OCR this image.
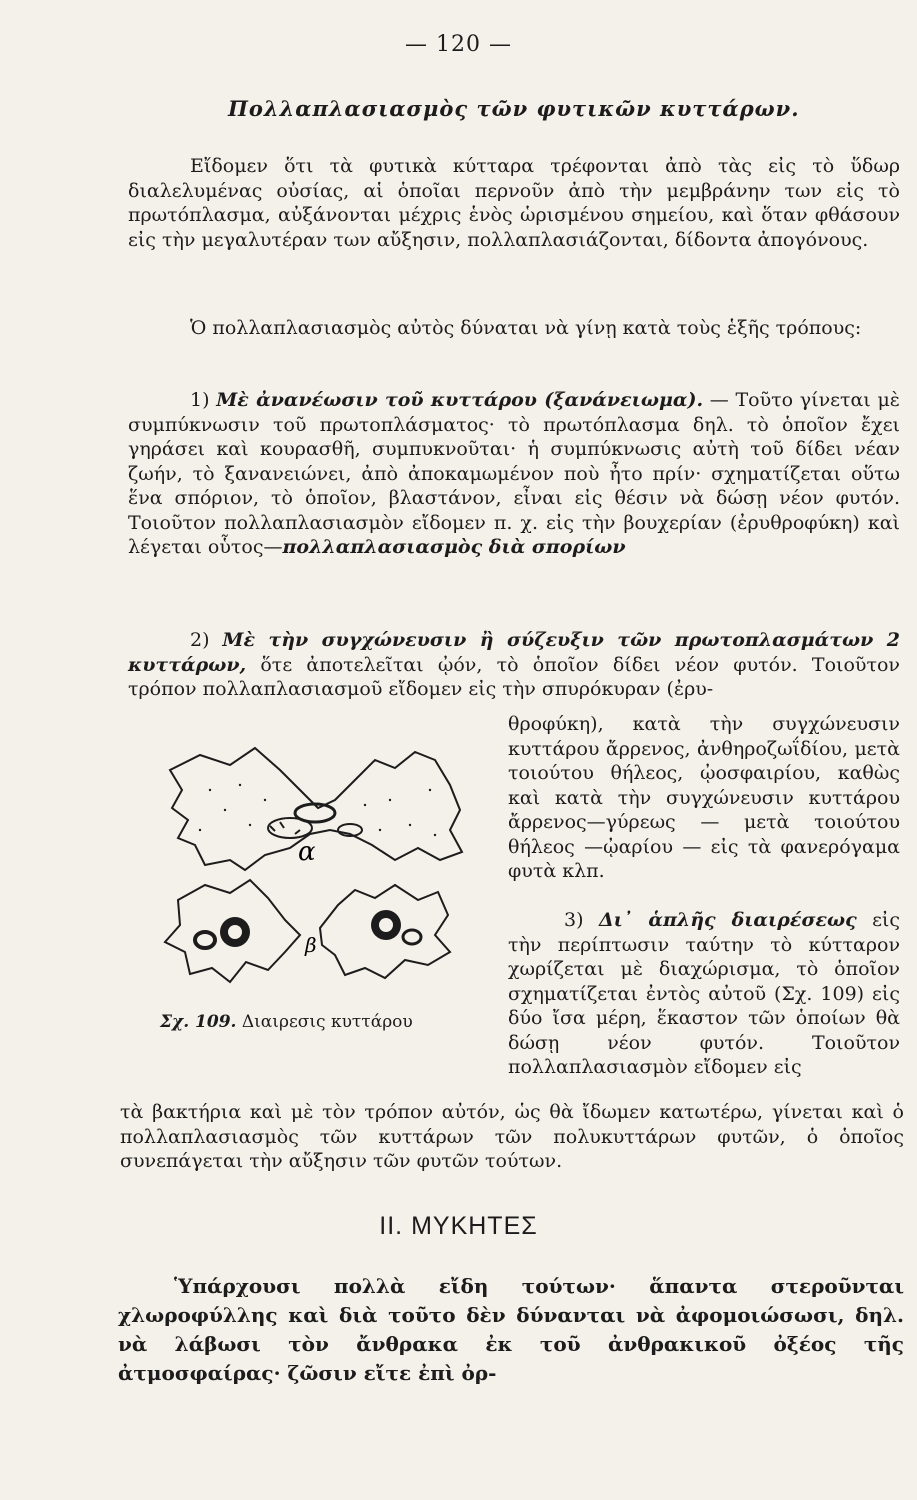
— 120 —
Πολλαπλασιασμὸς τῶν φυτικῶν κυττάρων.

Εἴδομεν ὅτι τὰ φυτικὰ κύτταρα τρέφονται ἀπὸ τὰς εἰς τὸ ὕδωρ διαλελυμένας οὐσίας, αἱ ὁποῖαι περνοῦν ἀπὸ τὴν μεμβράνην των εἰς τὸ πρωτόπλασμα, αὐξάνονται μέχρις ἑνὸς ὡρισμένου σημείου, καὶ ὅταν φθάσουν εἰς τὴν μεγαλυτέραν των αὔξησιν, πολλαπλασιάζονται, δίδοντα ἀπογόνους.

Ὁ πολλαπλασιασμὸς αὐτὸς δύναται νὰ γίνῃ κατὰ τοὺς ἑξῆς τρόπους:

1) Μὲ ἀνανέωσιν τοῦ κυττάρου (ξανάνειωμα). — Τοῦτο γίνεται μὲ συμπύκνωσιν τοῦ πρωτοπλάσματος· τὸ πρωτόπλασμα δηλ. τὸ ὁποῖον ἔχει γηράσει καὶ κουρασθῆ, συμπυκνοῦται· ἡ συμπύκνωσις αὐτὴ τοῦ δίδει νέαν ζωήν, τὸ ξανανειώνει, ἀπὸ ἀποκαμωμένον ποὺ ἦτο πρίν· σχηματίζεται οὕτω ἕνα σπόριον, τὸ ὁποῖον, βλαστάνον, εἶναι εἰς θέσιν νὰ δώσῃ νέον φυτόν. Τοιοῦτον πολλαπλασιασμὸν εἴδομεν π. χ. εἰς τὴν βουχερίαν (ἐρυθροφύκη) καὶ λέγεται οὗτος—πολλαπλασιασμὸς διὰ σπορίων

2) Μὲ τὴν συγχώνευσιν ἢ σύζευξιν τῶν πρωτοπλασμάτων 2 κυττάρων, ὅτε ἀποτελεῖται ᾠόν, τὸ ὁποῖον δίδει νέον φυτόν. Τοιοῦτον τρόπον πολλαπλασιασμοῦ εἴδομεν εἰς τὴν σπυρόκυραν (ἐρυ-

θροφύκη), κατὰ τὴν συγχώνευσιν κυττάρου ἄρρενος, ἀνθηροζωΐδίου, μετὰ τοιούτου θήλεος, ᾠοσφαιρίου, καθὼς καὶ κατὰ τὴν συγχώνευσιν κυττάρου ἄρρενος—γύρεως — μετὰ τοιούτου θήλεος —ᾠαρίου — εἰς τὰ φανερόγαμα φυτὰ κλπ.

3) Δι᾽ ἁπλῆς διαιρέσεως εἰς τὴν περίπτωσιν ταύτην τὸ κύτταρον χωρίζεται μὲ διαχώρισμα, τὸ ὁποῖον σχηματίζεται ἐντὸς αὐτοῦ (Σχ. 109) εἰς δύο ἴσα μέρη, ἕκαστον τῶν ὁποίων θὰ δώσῃ νέον φυτόν. Τοιοῦτον πολλαπλασιασμὸν εἴδομεν εἰς

α
β
Σχ. 109. Διαιρεσις κυττάρου

τὰ βακτήρια καὶ μὲ τὸν τρόπον αὐτόν, ὡς θὰ ἴδωμεν κατωτέρω, γίνεται καὶ ὁ πολλαπλασιασμὸς τῶν κυττάρων τῶν πολυκυττάρων φυτῶν, ὁ ὁποῖος συνεπάγεται τὴν αὔξησιν τῶν φυτῶν τούτων.

ΙΙ. ΜΥΚΗΤΕΣ

Ὑπάρχουσι πολλὰ εἴδη τούτων· ἅπαντα στεροῦνται χλωροφύλλης καὶ διὰ τοῦτο δὲν δύνανται νὰ ἀφομοιώσωσι, δηλ. νὰ λάβωσι τὸν ἄνθρακα ἐκ τοῦ ἀνθρακικοῦ ὀξέος τῆς ἀτμοσφαίρας· ζῶσιν εἴτε ἐπὶ ὀρ-
